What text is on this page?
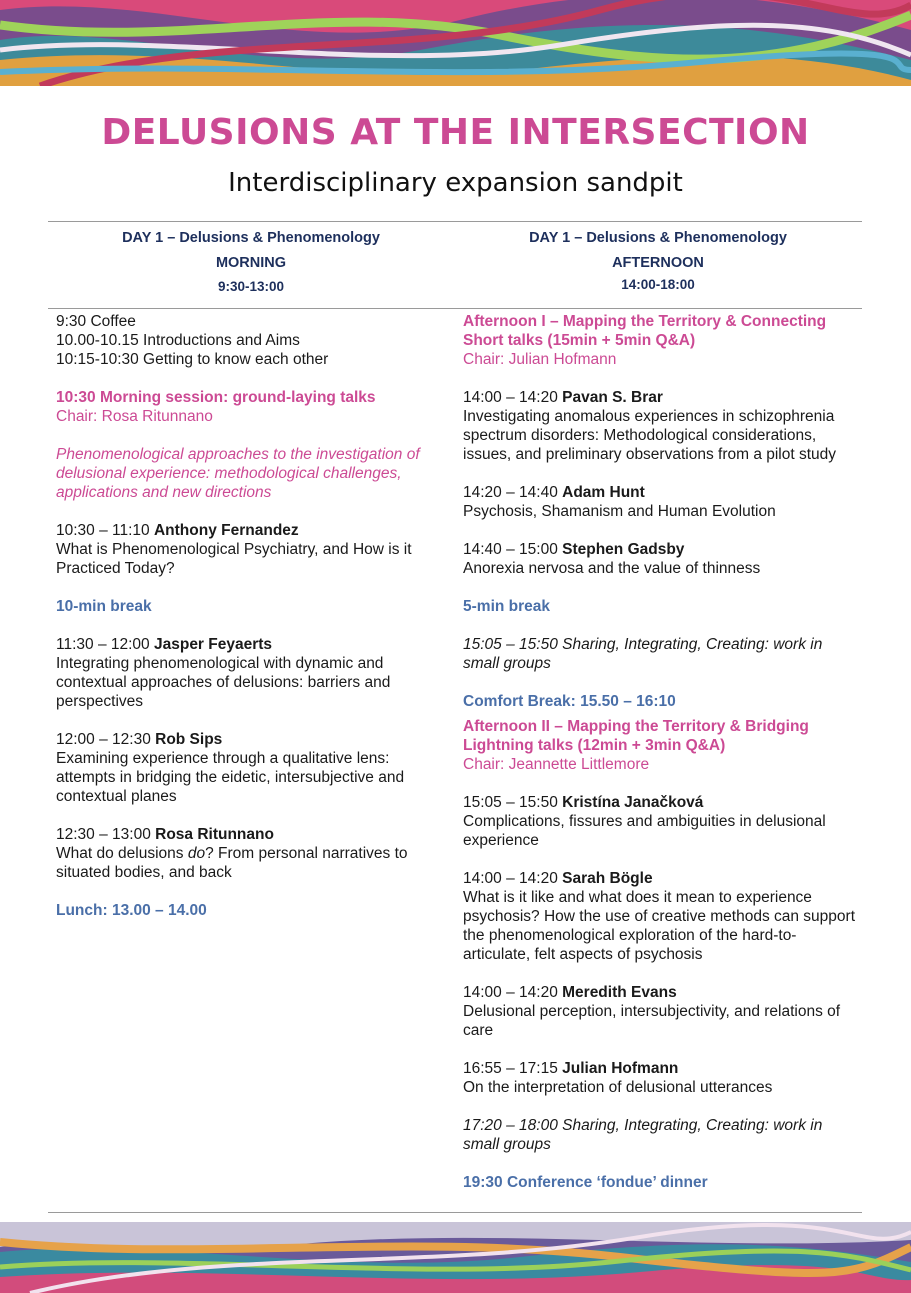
DELUSIONS AT THE INTERSECTION
Interdisciplinary expansion sandpit
DAY 1 – Delusions & Phenomenology
MORNING
9:30-13:00
DAY 1 – Delusions & Phenomenology
AFTERNOON
14:00-18:00
9:30 Coffee
10.00-10.15 Introductions and Aims
10:15-10:30 Getting to know each other
10:30 Morning session: ground-laying talks
Chair: Rosa Ritunnano
Phenomenological approaches to the investigation of delusional experience: methodological challenges, applications and new directions
10:30 – 11:10 Anthony Fernandez
What is Phenomenological Psychiatry, and How is it Practiced Today?
10-min break
11:30 – 12:00 Jasper Feyaerts
Integrating phenomenological with dynamic and contextual approaches of delusions: barriers and perspectives
12:00 – 12:30 Rob Sips
Examining experience through a qualitative lens: attempts in bridging the eidetic, intersubjective and contextual planes
12:30 – 13:00 Rosa Ritunnano
What do delusions do? From personal narratives to situated bodies, and back
Lunch: 13.00 – 14.00
Afternoon I – Mapping the Territory & Connecting Short talks (15min + 5min Q&A)
Chair: Julian Hofmann
14:00 – 14:20 Pavan S. Brar
Investigating anomalous experiences in schizophrenia spectrum disorders: Methodological considerations, issues, and preliminary observations from a pilot study
14:20 – 14:40 Adam Hunt
Psychosis, Shamanism and Human Evolution
14:40 – 15:00 Stephen Gadsby
Anorexia nervosa and the value of thinness
5-min break
15:05 – 15:50 Sharing, Integrating, Creating: work in small groups
Comfort Break: 15.50 – 16:10
Afternoon II – Mapping the Territory & Bridging Lightning talks (12min + 3min Q&A)
Chair: Jeannette Littlemore
15:05 – 15:50 Kristína Janačková
Complications, fissures and ambiguities in delusional experience
14:00 – 14:20 Sarah Bögle
What is it like and what does it mean to experience psychosis? How the use of creative methods can support the phenomenological exploration of the hard-to-articulate, felt aspects of psychosis
14:00 – 14:20 Meredith Evans
Delusional perception, intersubjectivity, and relations of care
16:55 – 17:15 Julian Hofmann
On the interpretation of delusional utterances
17:20 – 18:00 Sharing, Integrating, Creating: work in small groups
19:30 Conference ‘fondue’ dinner
